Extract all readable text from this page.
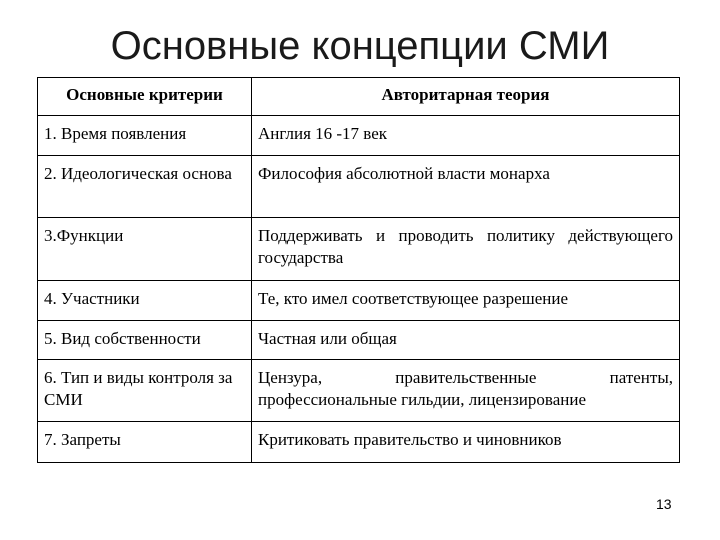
Основные концепции СМИ
Основные критерии	Авторитарная теория
1. Время появления	Англия 16 -17 век
2. Идеологическая основа	Философия абсолютной власти монарха
3.Функции	Поддерживать и проводить политику действующего государства
4. Участники	Те, кто имел соответствующее разрешение
5. Вид собственности	Частная или общая
6. Тип и виды контроля за СМИ	Цензура, правительственные патенты, профессиональные гильдии, лицензирование
7. Запреты	Критиковать правительство и чиновников
13
